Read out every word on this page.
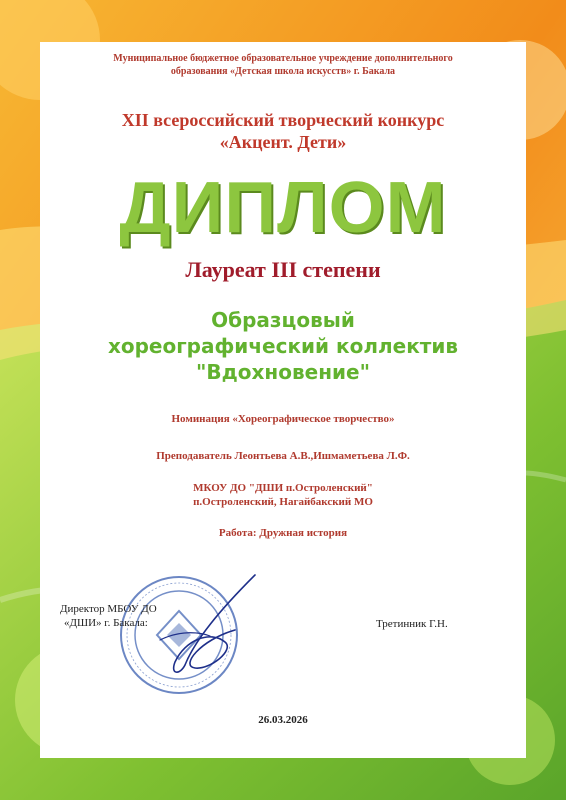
Муниципальное бюджетное образовательное учреждение дополнительного
образования «Детская школа искусств» г. Бакала
XII всероссийский творческий конкурс
«Акцент. Дети»
ДИПЛОМ
Лауреат III степени
Образцовый
хореографический коллектив
"Вдохновение"
Номинация «Хореографическое творчество»
Преподаватель Леонтьева А.В.,Ишмаметьева Л.Ф.
МКОУ ДО "ДШИ п.Остроленский"
п.Остроленский, Нагайбакский МО
Работа: Дружная история
Директор МБОУ ДО
«ДШИ» г. Бакала:	Третинник Г.Н.
26.03.2026
